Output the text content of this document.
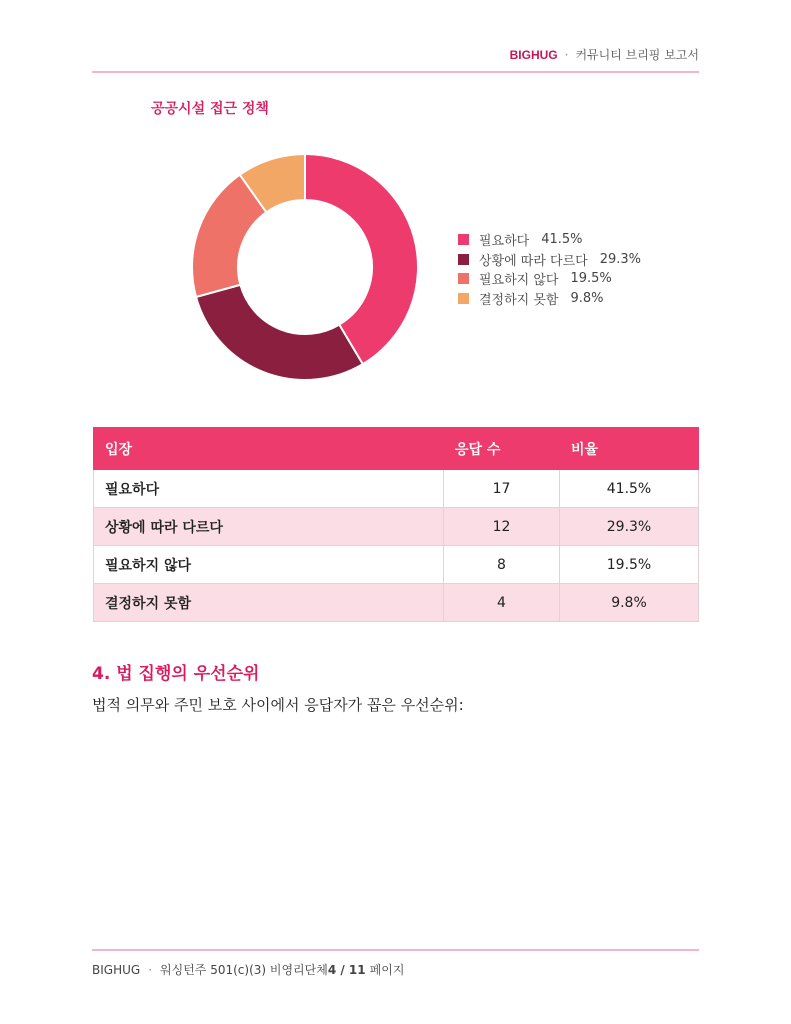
BIGHUG · 커뮤니티 브리핑 보고서
공공시설 접근 정책
필요하다 41.5%
상황에 따라 다르다 29.3%
필요하지 않다 19.5%
결정하지 못함 9.8%
입장	응답 수	비율
필요하다	17	41.5%
상황에 따라 다르다	12	29.3%
필요하지 않다	8	19.5%
결정하지 못함	4	9.8%
4. 법 집행의 우선순위
법적 의무와 주민 보호 사이에서 응답자가 꼽은 우선순위:
BIGHUG · 워싱턴주 501(c)(3) 비영리단체 4 / 11 페이지
